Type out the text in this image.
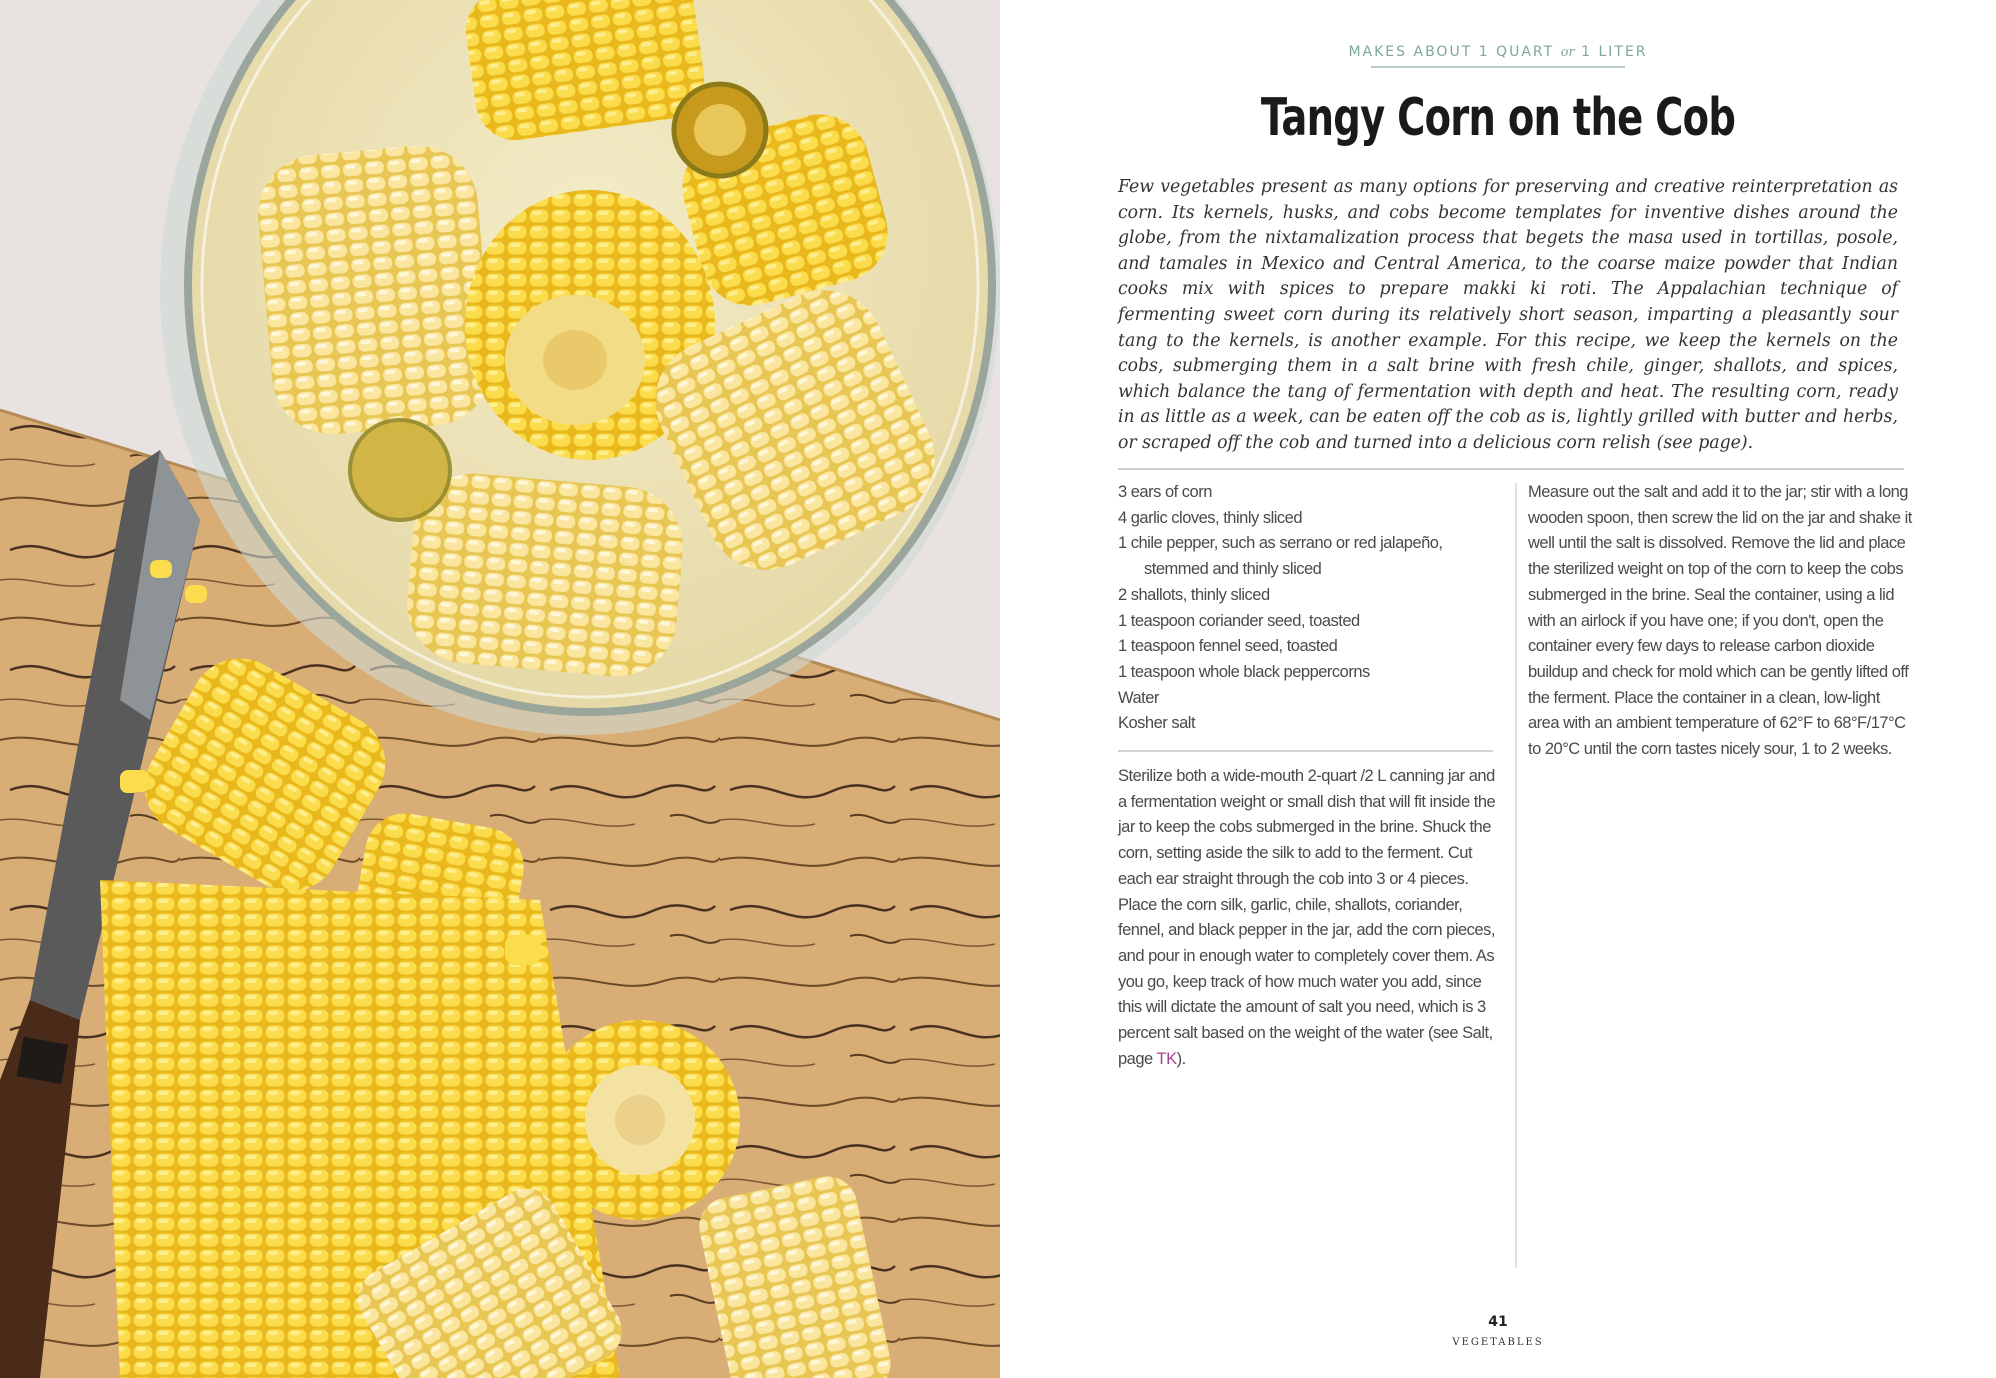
MAKES ABOUT 1 QUART or 1 LITER
Tangy Corn on the Cob

Few vegetables present as many options for preserving and creative reinterpretation as corn. Its kernels, husks, and cobs become templates for inventive dishes around the globe, from the nixtamalization process that begets the masa used in tortillas, posole, and tamales in Mexico and Central America, to the coarse maize powder that Indian cooks mix with spices to prepare makki ki roti. The Appalachian technique of fermenting sweet corn during its relatively short season, imparting a pleasantly sour tang to the kernels, is another example. For this recipe, we keep the kernels on the cobs, submerging them in a salt brine with fresh chile, ginger, shallots, and spices, which balance the tang of fermentation with depth and heat. The resulting corn, ready in as little as a week, can be eaten off the cob as is, lightly grilled with butter and herbs, or scraped off the cob and turned into a delicious corn relish (see page).

3 ears of corn
4 garlic cloves, thinly sliced
1 chile pepper, such as serrano or red jalapeño, stemmed and thinly sliced
2 shallots, thinly sliced
1 teaspoon coriander seed, toasted
1 teaspoon fennel seed, toasted
1 teaspoon whole black peppercorns
Water
Kosher salt

Sterilize both a wide-mouth 2-quart /2 L canning jar and a fermentation weight or small dish that will fit inside the jar to keep the cobs submerged in the brine. Shuck the corn, setting aside the silk to add to the ferment. Cut each ear straight through the cob into 3 or 4 pieces. Place the corn silk, garlic, chile, shallots, coriander, fennel, and black pepper in the jar, add the corn pieces, and pour in enough water to completely cover them. As you go, keep track of how much water you add, since this will dictate the amount of salt you need, which is 3 percent salt based on the weight of the water (see Salt, page TK).

Measure out the salt and add it to the jar; stir with a long wooden spoon, then screw the lid on the jar and shake it well until the salt is dissolved. Remove the lid and place the sterilized weight on top of the corn to keep the cobs submerged in the brine. Seal the container, using a lid with an airlock if you have one; if you don't, open the container every few days to release carbon dioxide buildup and check for mold which can be gently lifted off the ferment. Place the container in a clean, low-light area with an ambient temperature of 62°F to 68°F/17°C to 20°C until the corn tastes nicely sour, 1 to 2 weeks.

41
VEGETABLES
